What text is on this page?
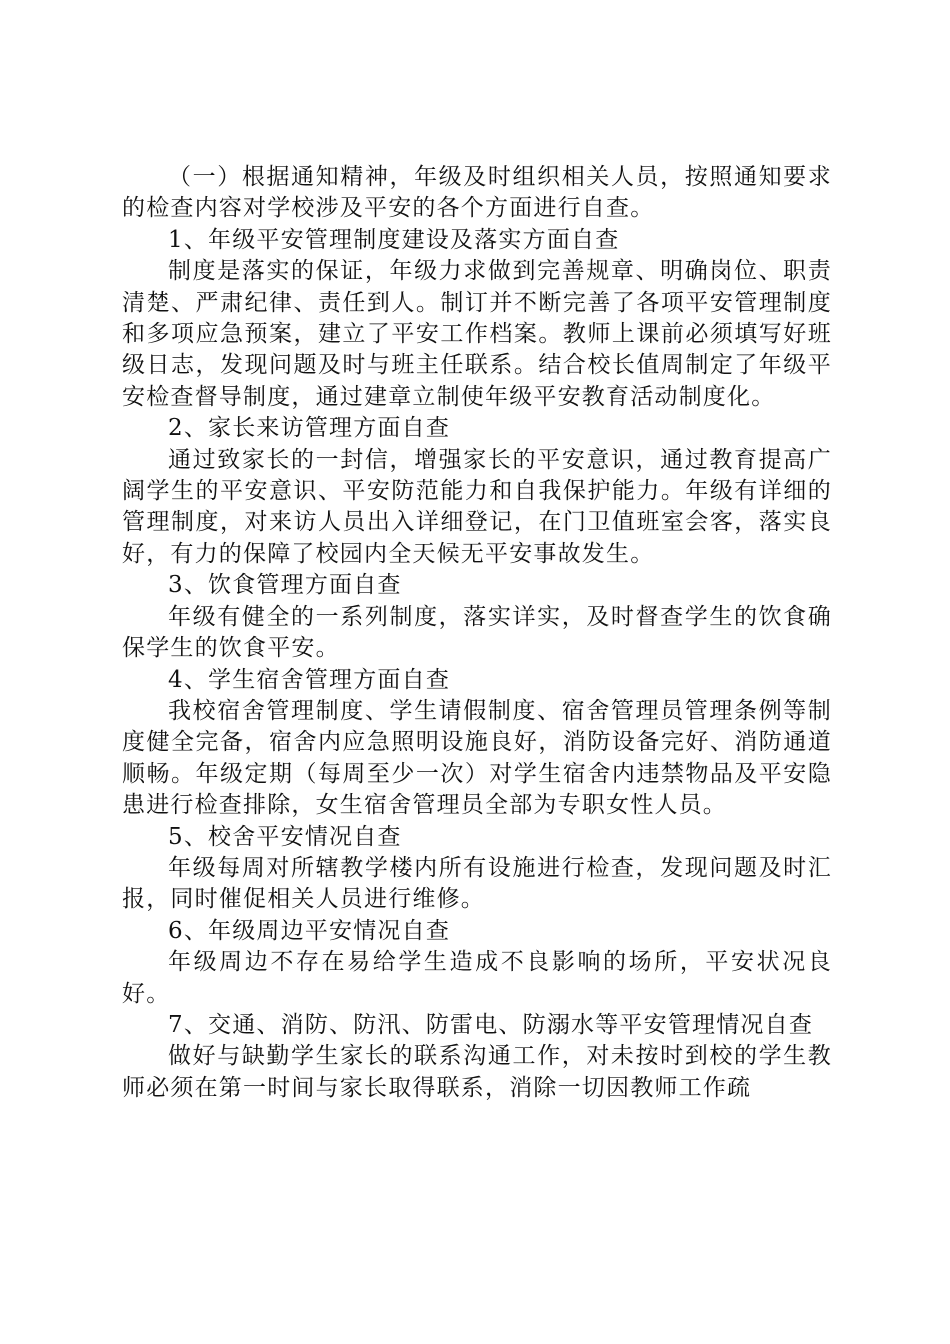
（一）根据通知精神，年级及时组织相关人员，按照通知要求的检查内容对学校涉及平安的各个方面进行自查。

1、年级平安管理制度建设及落实方面自查

制度是落实的保证，年级力求做到完善规章、明确岗位、职责清楚、严肃纪律、责任到人。制订并不断完善了各项平安管理制度和多项应急预案，建立了平安工作档案。教师上课前必须填写好班级日志，发现问题及时与班主任联系。结合校长值周制定了年级平安检查督导制度，通过建章立制使年级平安教育活动制度化。

2、家长来访管理方面自查

通过致家长的一封信，增强家长的平安意识，通过教育提高广阔学生的平安意识、平安防范能力和自我保护能力。年级有详细的管理制度，对来访人员出入详细登记，在门卫值班室会客，落实良好，有力的保障了校园内全天候无平安事故发生。

3、饮食管理方面自查

年级有健全的一系列制度，落实详实，及时督查学生的饮食确保学生的饮食平安。

4、学生宿舍管理方面自查

我校宿舍管理制度、学生请假制度、宿舍管理员管理条例等制度健全完备，宿舍内应急照明设施良好，消防设备完好、消防通道顺畅。年级定期（每周至少一次）对学生宿舍内违禁物品及平安隐患进行检查排除，女生宿舍管理员全部为专职女性人员。

5、校舍平安情况自查

年级每周对所辖教学楼内所有设施进行检查，发现问题及时汇报，同时催促相关人员进行维修。

6、年级周边平安情况自查

年级周边不存在易给学生造成不良影响的场所，平安状况良好。

7、交通、消防、防汛、防雷电、防溺水等平安管理情况自查

做好与缺勤学生家长的联系沟通工作，对未按时到校的学生教师必须在第一时间与家长取得联系，消除一切因教师工作疏
